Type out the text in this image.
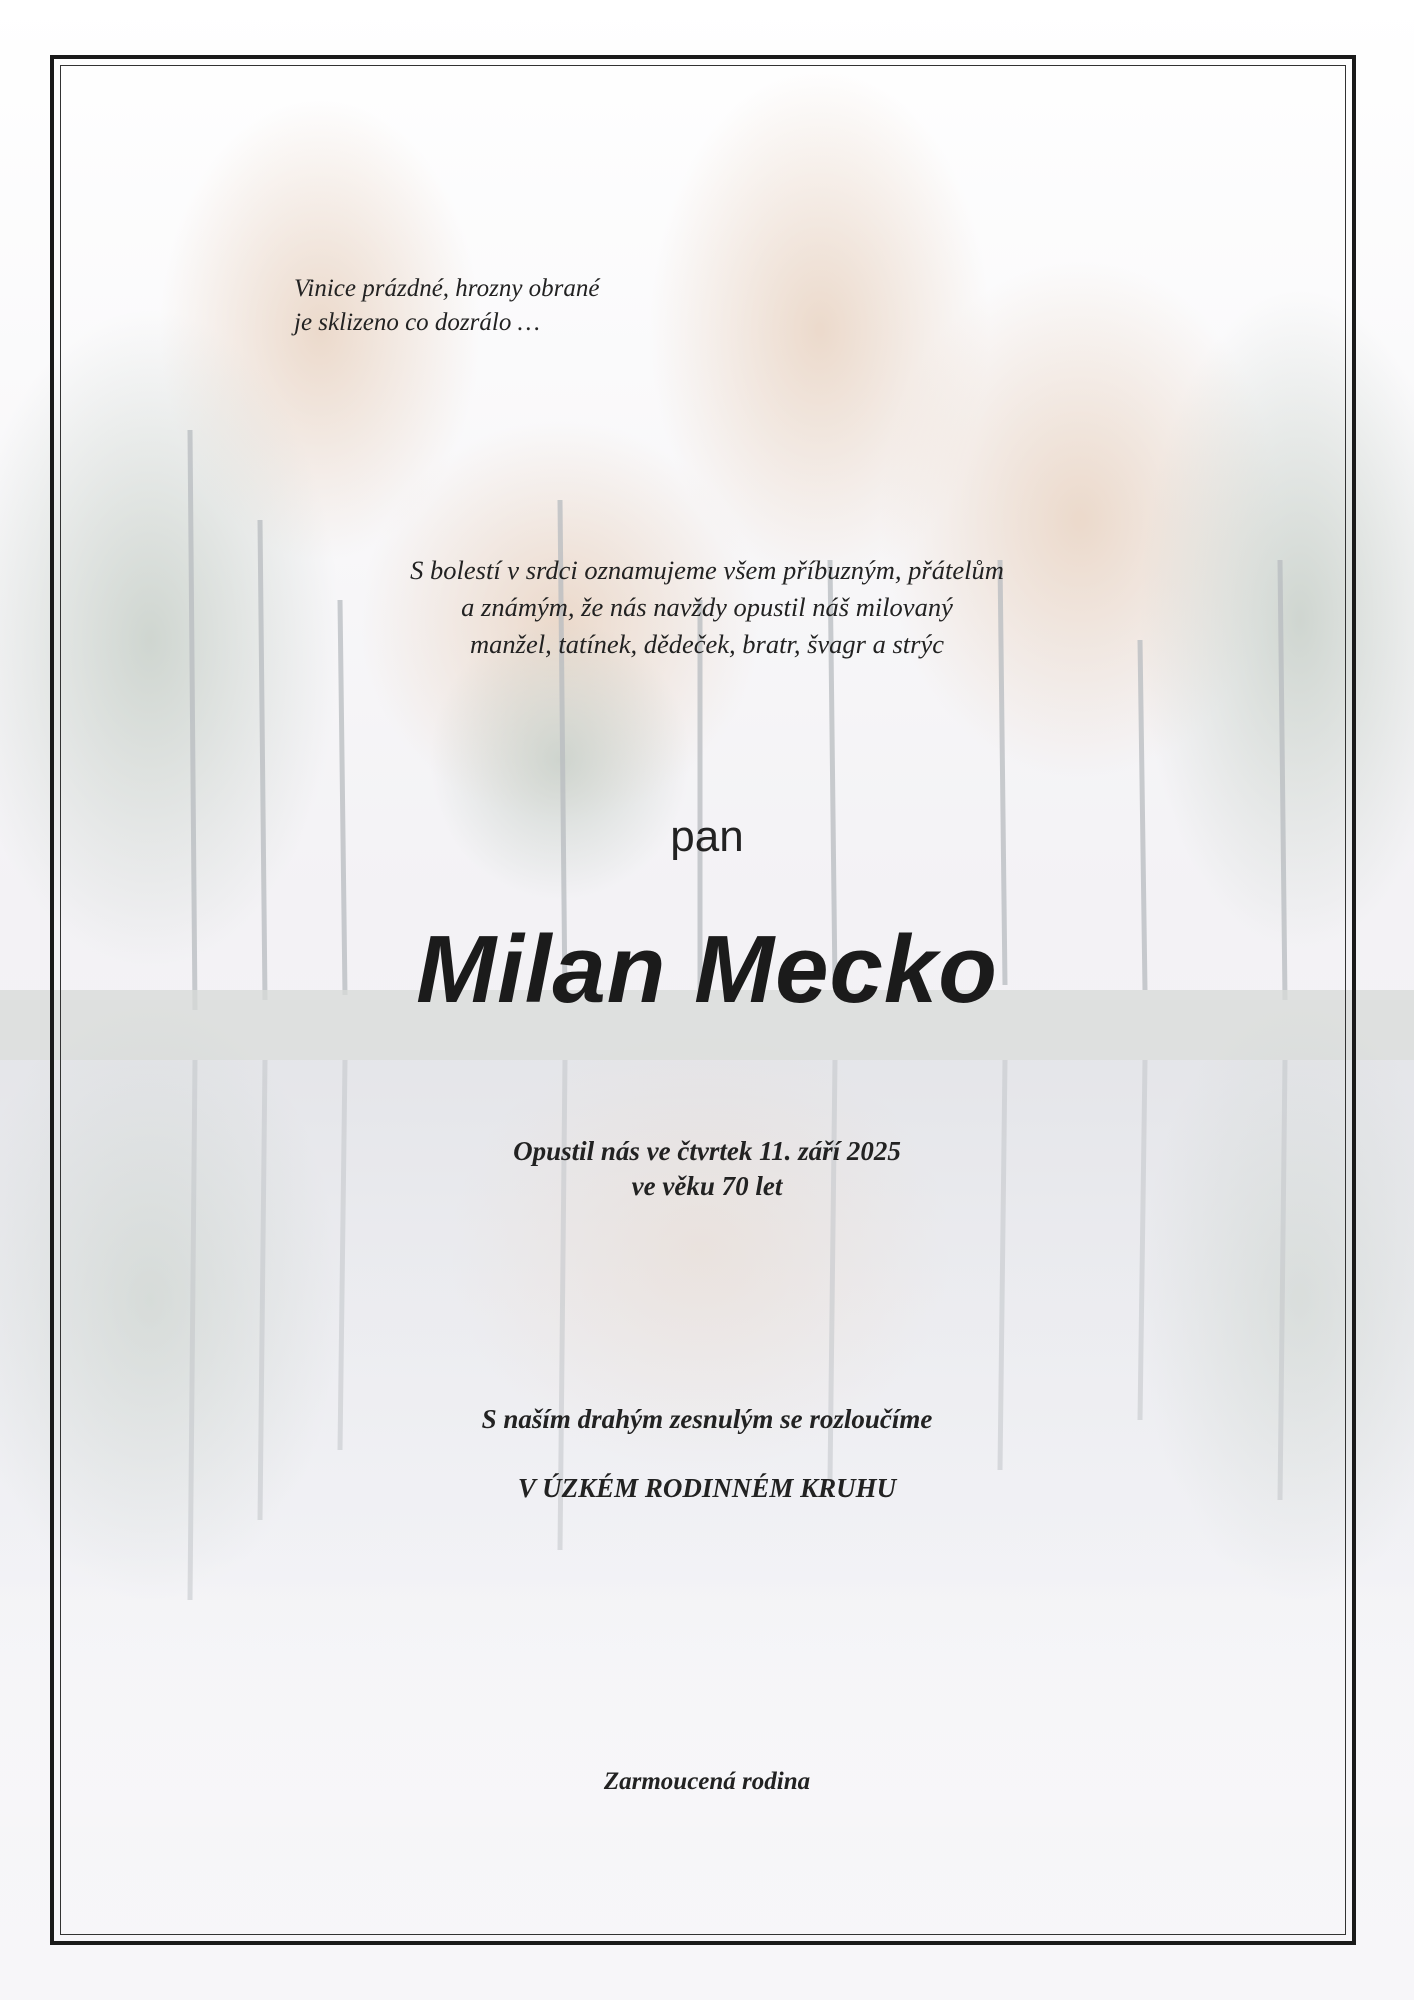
Vinice prázdné, hrozny obrané
je sklizeno co dozrálo …
S bolestí v srdci oznamujeme všem příbuzným, přátelům
a známým, že nás navždy opustil náš milovaný
manžel, tatínek, dědeček, bratr, švagr a strýc
pan
Milan Mecko
Opustil nás ve čtvrtek 11. září 2025
ve věku 70 let
S naším drahým zesnulým se rozloučíme
V ÚZKÉM RODINNÉM KRUHU
Zarmoucená rodina
